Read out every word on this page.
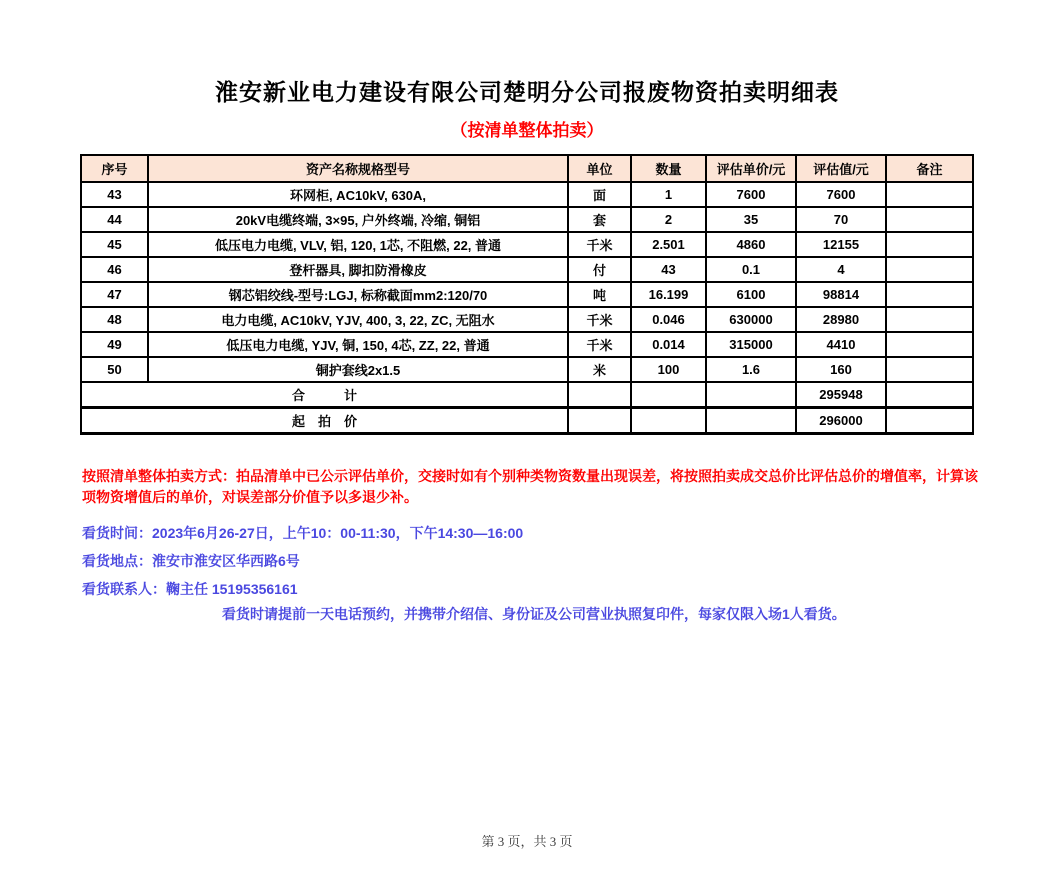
淮安新业电力建设有限公司楚明分公司报废物资拍卖明细表
（按清单整体拍卖）
序号	资产名称规格型号	单位	数量	评估单价/元	评估值/元	备注
43	环网柜, AC10kV, 630A,	面	1	7600	7600	
44	20kV电缆终端, 3×95, 户外终端, 冷缩, 铜铝	套	2	35	70	
45	低压电力电缆, VLV, 铝, 120, 1芯, 不阻燃, 22, 普通	千米	2.501	4860	12155	
46	登杆器具, 脚扣防滑橡皮	付	43	0.1	4	
47	钢芯铝绞线-型号:LGJ, 标称截面mm2:120/70	吨	16.199	6100	98814	
48	电力电缆, AC10kV, YJV, 400, 3, 22, ZC, 无阻水	千米	0.046	630000	28980	
49	低压电力电缆, YJV, 铜, 150, 4芯, ZZ, 22, 普通	千米	0.014	315000	4410	
50	铜护套线2x1.5	米	100	1.6	160	
合　　　计					295948	
起　拍　价					296000	
按照清单整体拍卖方式：拍品清单中已公示评估单价，交接时如有个别种类物资数量出现误差，将按照拍卖成交总价比评估总价的增值率，计算该项物资增值后的单价，对误差部分价值予以多退少补。
看货时间：2023年6月26-27日，上午10：00-11:30，下午14:30—16:00
看货地点：淮安市淮安区华西路6号
看货联系人：鞠主任 15195356161
看货时请提前一天电话预约，并携带介绍信、身份证及公司营业执照复印件，每家仅限入场1人看货。
第 3 页，共 3 页
